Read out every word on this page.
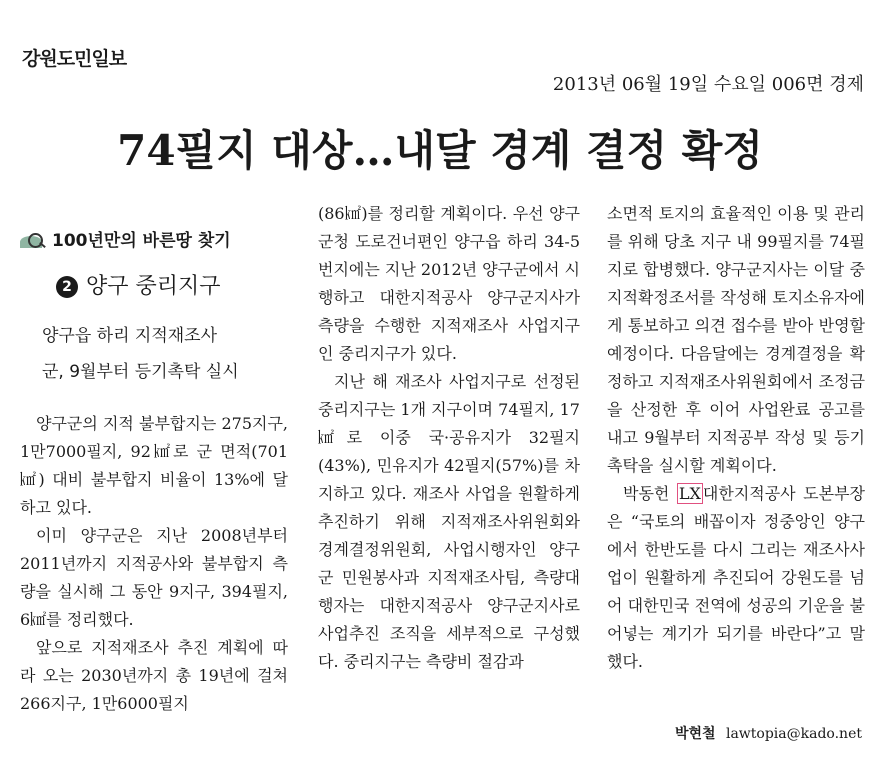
강원도민일보
2013년 06월 19일 수요일 006면 경제
74필지 대상…내달 경계 결정 확정
100년만의 바른땅 찾기
2 양구 중리지구
양구읍 하리 지적재조사
군, 9월부터 등기촉탁 실시

양구군의 지적 불부합지는 275지구, 1만7000필지, 92㎢로 군 면적(701㎢) 대비 불부합지 비율이 13%에 달하고 있다.

이미 양구군은 지난 2008년부터 2011년까지 지적공사와 불부합지 측량을 실시해 그 동안 9지구, 394필지, 6㎢를 정리했다.

앞으로 지적재조사 추진 계획에 따라 오는 2030년까지 총 19년에 걸쳐 266지구, 1만6000필지

(86㎢)를 정리할 계획이다. 우선 양구군청 도로건너편인 양구읍 하리 34-5번지에는 지난 2012년 양구군에서 시행하고 대한지적공사 양구군지사가 측량을 수행한 지적재조사 사업지구인 중리지구가 있다.

지난 해 재조사 사업지구로 선정된 중리지구는 1개 지구이며 74필지, 17㎢로 이중 국·공유지가 32필지(43%), 민유지가 42필지(57%)를 차지하고 있다. 재조사 사업을 원활하게 추진하기 위해 지적재조사위원회와 경계결정위원회, 사업시행자인 양구군 민원봉사과 지적재조사팀, 측량대행자는 대한지적공사 양구군지사로 사업추진 조직을 세부적으로 구성했다. 중리지구는 측량비 절감과

소면적 토지의 효율적인 이용 및 관리를 위해 당초 지구 내 99필지를 74필지로 합병했다. 양구군지사는 이달 중 지적확정조서를 작성해 토지소유자에게 통보하고 의견 접수를 받아 반영할 예정이다. 다음달에는 경계결정을 확정하고 지적재조사위원회에서 조정금을 산정한 후 이어 사업완료 공고를 내고 9월부터 지적공부 작성 및 등기촉탁을 실시할 계획이다.

박동헌 LX 대한지적공사 도본부장은 “국토의 배꼽이자 정중앙인 양구에서 한반도를 다시 그리는 재조사사업이 원활하게 추진되어 강원도를 넘어 대한민국 전역에 성공의 기운을 불어넣는 계기가 되기를 바란다”고 말했다.

박현철 lawtopia@kado.net
